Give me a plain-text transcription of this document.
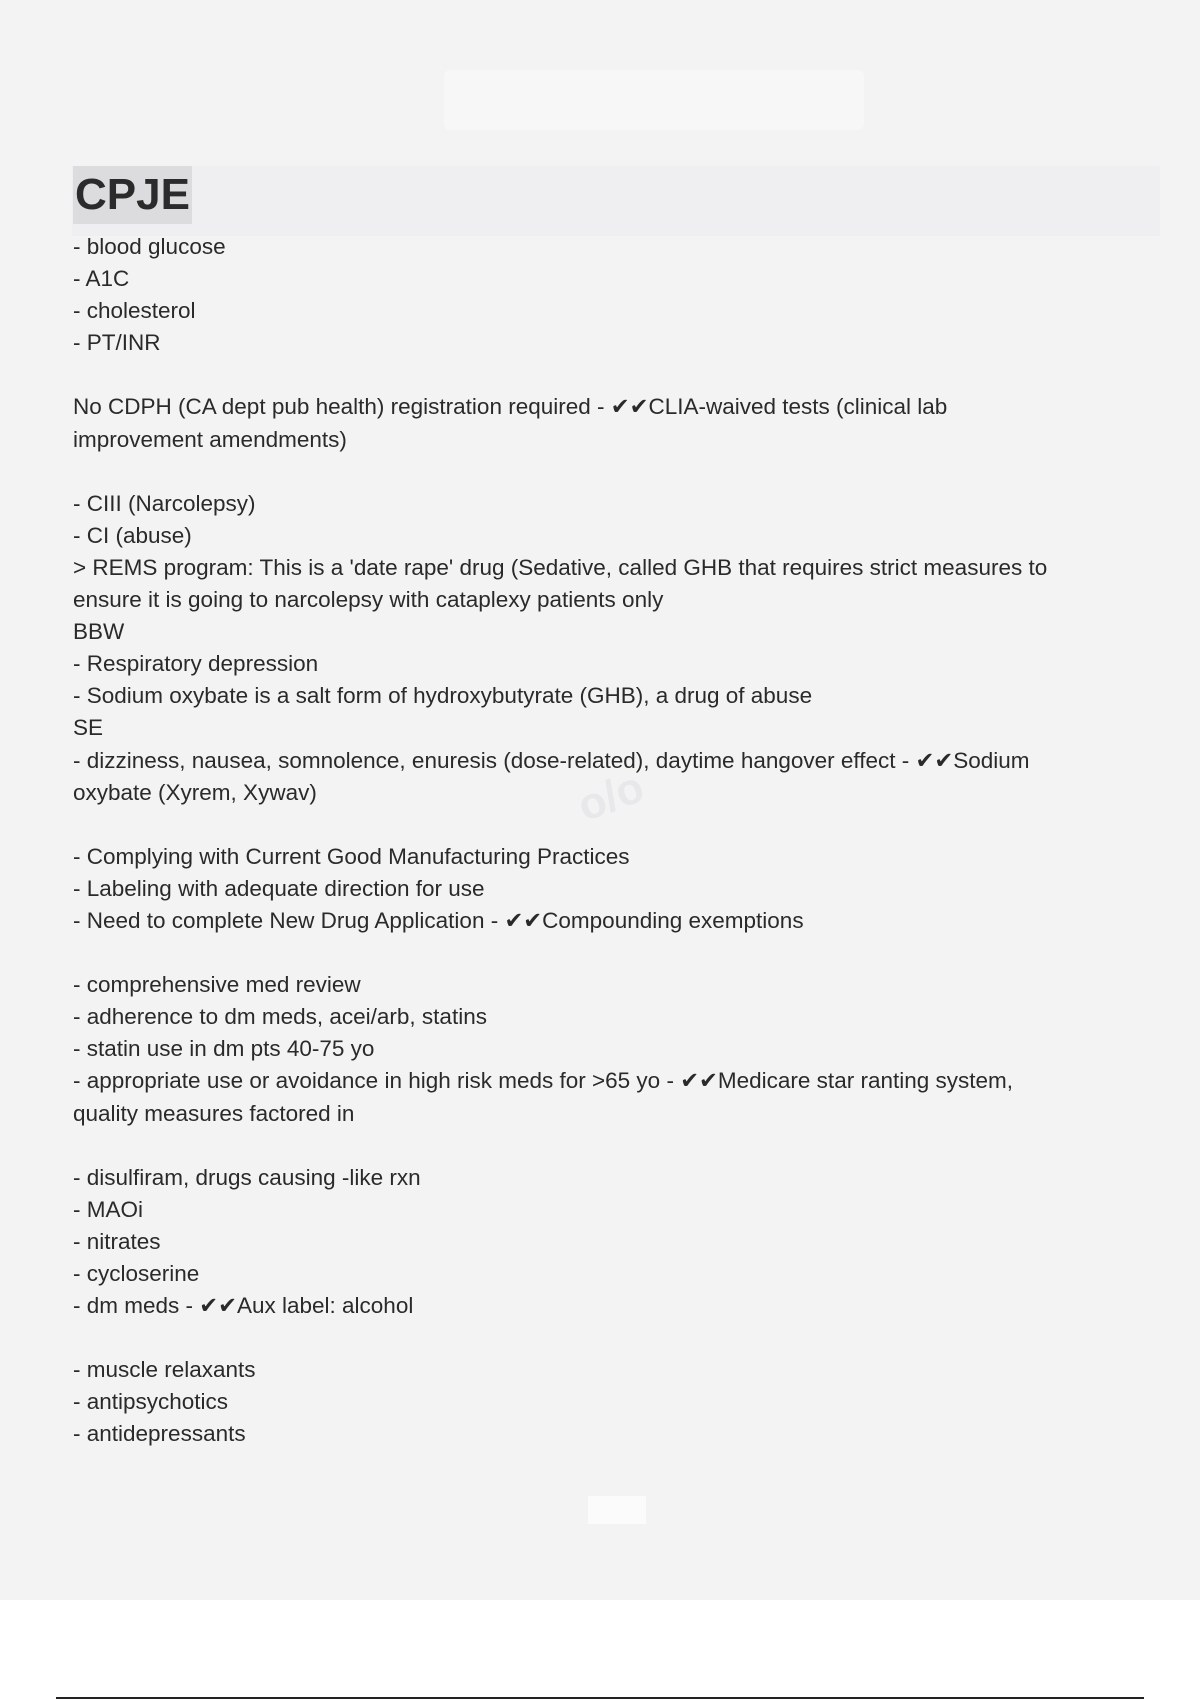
CPJE
o/o
- blood glucose
- A1C
- cholesterol
- PT/INR
No CDPH (CA dept pub health) registration required - ✔✔CLIA-waived tests (clinical lab
improvement amendments)
- CIII (Narcolepsy)
- CI (abuse)
> REMS program: This is a 'date rape' drug (Sedative, called GHB that requires strict measures to
ensure it is going to narcolepsy with cataplexy patients only
BBW
- Respiratory depression
- Sodium oxybate is a salt form of hydroxybutyrate (GHB), a drug of abuse
SE
- dizziness, nausea, somnolence, enuresis (dose-related), daytime hangover effect - ✔✔Sodium
oxybate (Xyrem, Xywav)
- Complying with Current Good Manufacturing Practices
- Labeling with adequate direction for use
- Need to complete New Drug Application - ✔✔Compounding exemptions
- comprehensive med review
- adherence to dm meds, acei/arb, statins
- statin use in dm pts 40-75 yo
- appropriate use or avoidance in high risk meds for >65 yo - ✔✔Medicare star ranting system,
quality measures factored in
- disulfiram, drugs causing -like rxn
- MAOi
- nitrates
- cycloserine
- dm meds - ✔✔Aux label: alcohol
- muscle relaxants
- antipsychotics
- antidepressants
